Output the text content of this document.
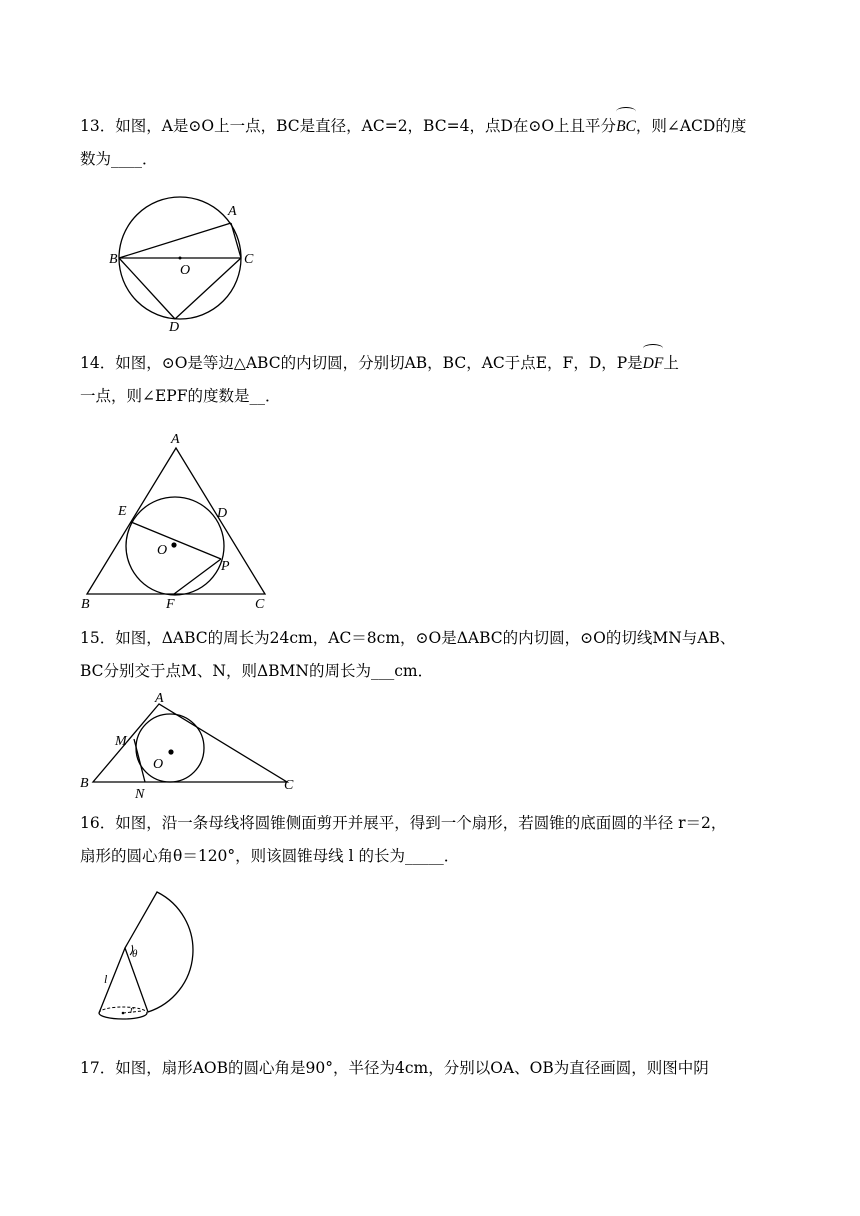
13．如图，A是⊙O上一点，BC是直径，AC=2，BC=4，点D在⊙O上且平分BC，则∠ACD的度
数为____．
A
B	C
O
D
14．如图，⊙O是等边△ABC的内切圆，分别切AB，BC，AC于点E，F，D，P是DF上
一点，则∠EPF的度数是__．
A
E	D
O
P
B	F	C
15．如图，ΔABC的周长为24cm，AC＝8cm，⊙O是ΔABC的内切圆，⊙O的切线MN与AB、
BC分别交于点M、N，则ΔBMN的周长为___cm．
A
M
O
B
N
C
16．如图，沿一条母线将圆锥侧面剪开并展平，得到一个扇形，若圆锥的底面圆的半径 r＝2，
扇形的圆心角θ＝120°，则该圆锥母线 l 的长为_____．
θ
l
r
17．如图，扇形AOB的圆心角是90°，半径为4cm，分别以OA、OB为直径画圆，则图中阴
